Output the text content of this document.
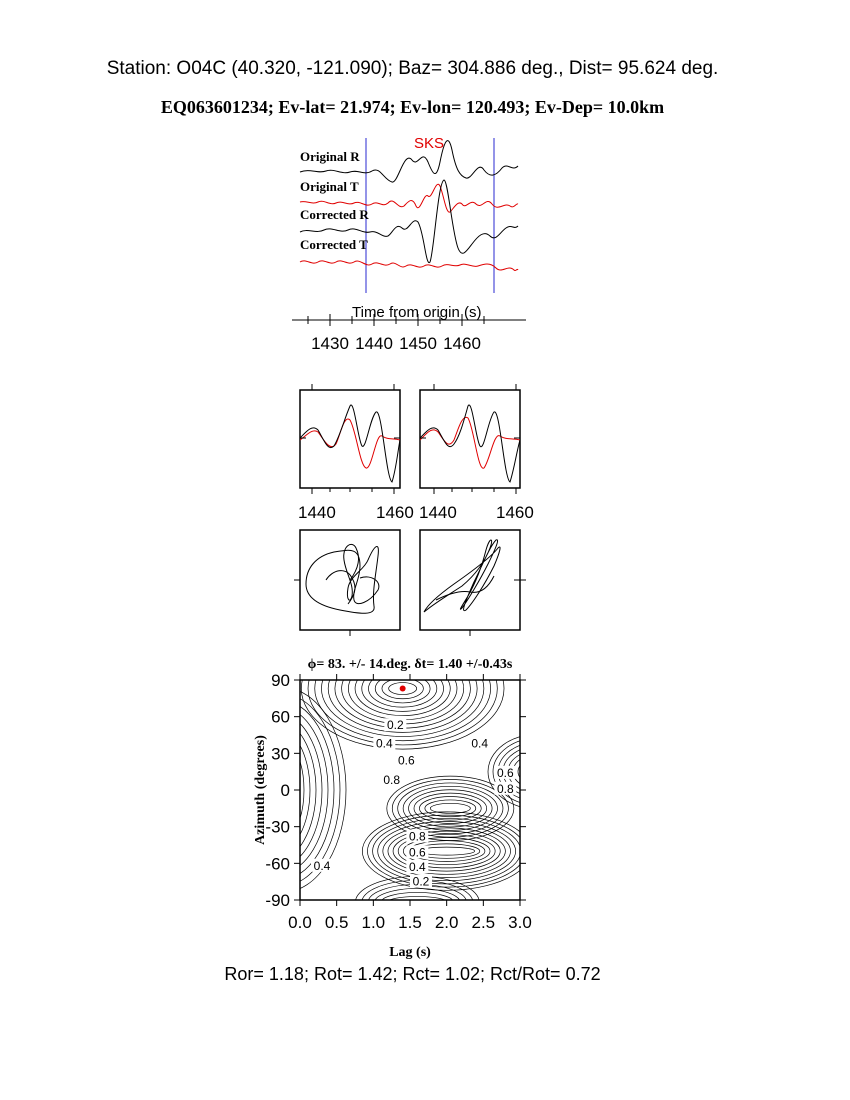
Station: O04C (40.320, -121.090); Baz= 304.886 deg., Dist= 95.624 deg.
EQ063601234; Ev-lat= 21.974; Ev-lon= 120.493; Ev-Dep= 10.0km
Ror= 1.18; Rot= 1.42; Rct= 1.02; Rct/Rot= 0.72
SKS
Original R
Original T
Corrected R
Corrected T
Time from origin (s)
1430 1440 1450 1460
1440 1460 1440 1460
ϕ= 83. +/- 14.deg. δt= 1.40 +/-0.43s
0.2
0.4	0.4
0.6
0.8
0.6
0.8
0.8
0.6
0.4
0.2
0.4
0.0 0.5 1.0 1.5 2.0 2.5 3.0
90
60
30
0
-30
-60
-90
Lag (s)
Azimuth (degrees)
